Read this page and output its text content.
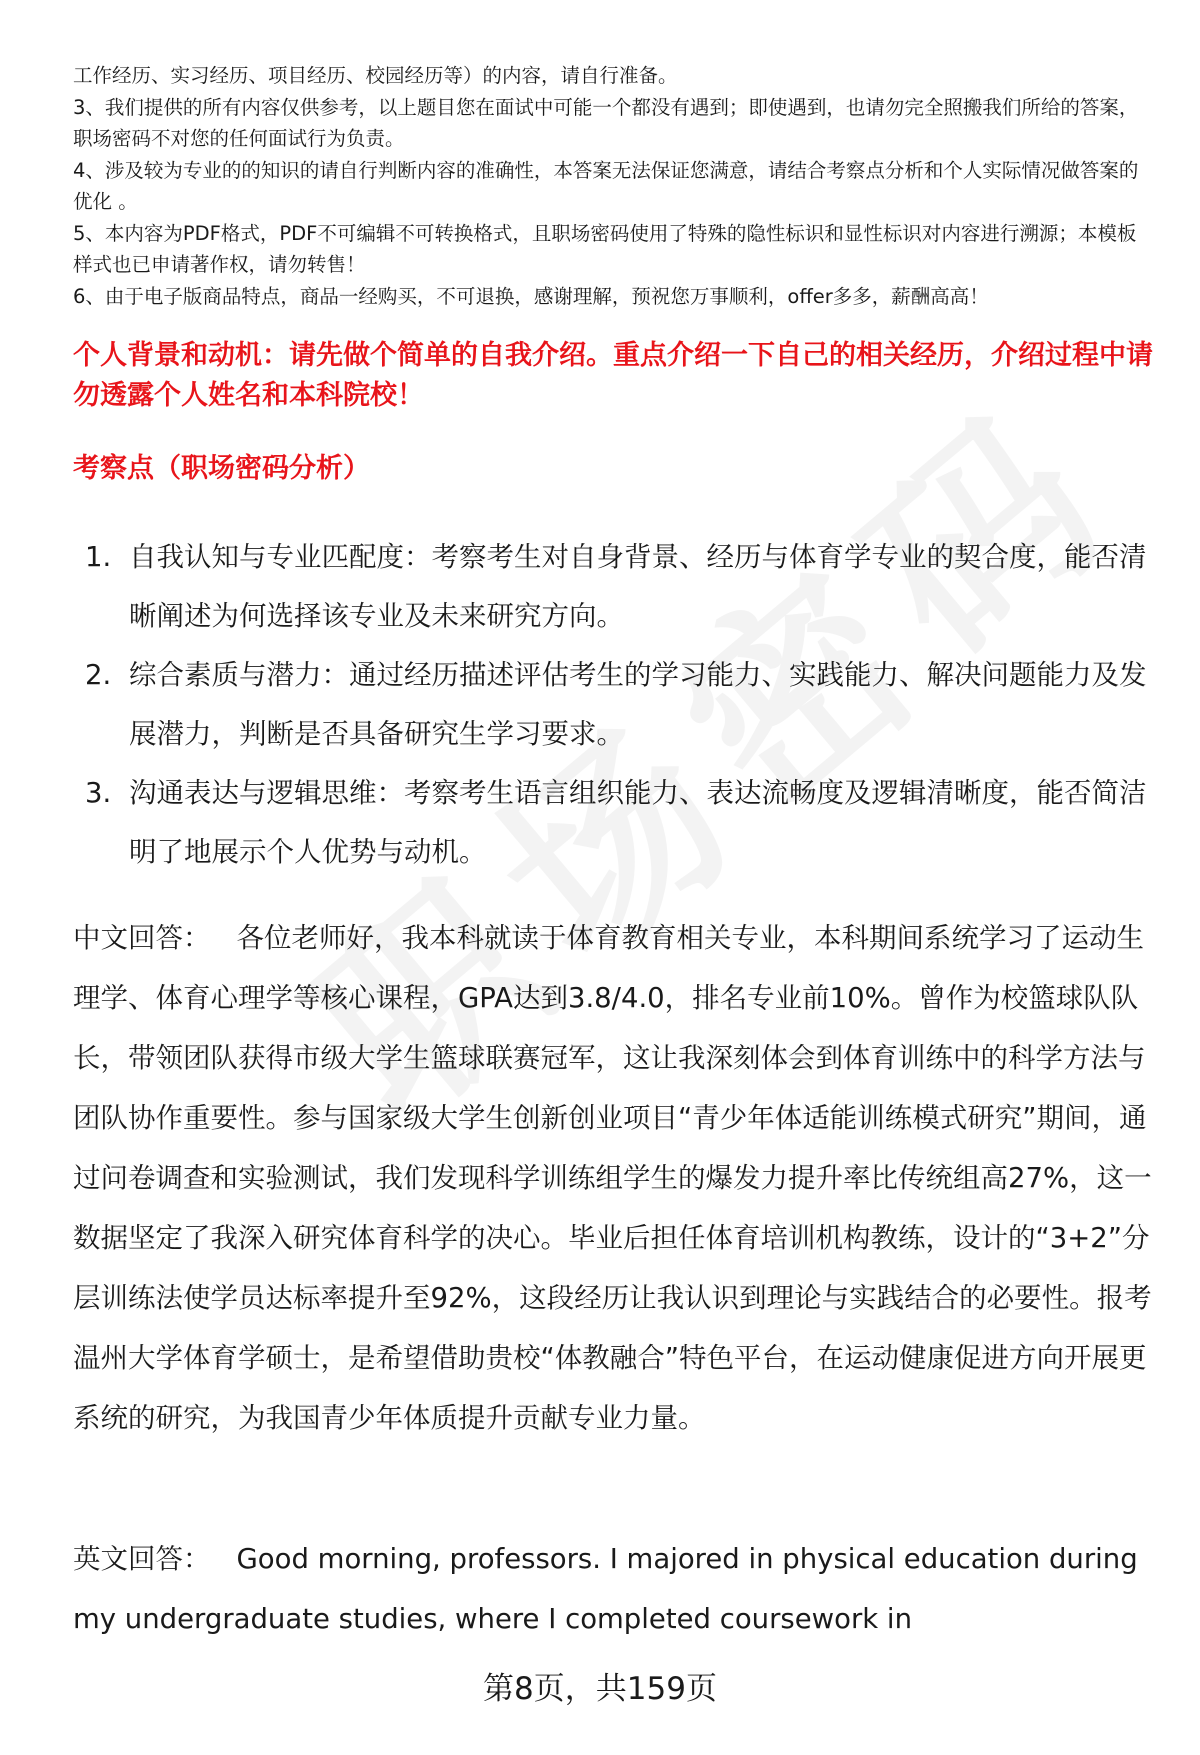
工作经历、实习经历、项目经历、校园经历等）的内容，请自行准备。

3、我们提供的所有内容仅供参考，以上题目您在面试中可能一个都没有遇到；即使遇到，也请勿完全照搬我们所给的答案，职场密码不对您的任何面试行为负责。

4、涉及较为专业的的知识的请自行判断内容的准确性，本答案无法保证您满意，请结合考察点分析和个人实际情况做答案的优化 。

5、本内容为PDF格式，PDF不可编辑不可转换格式，且职场密码使用了特殊的隐性标识和显性标识对内容进行溯源；本模板样式也已申请著作权，请勿转售！

6、由于电子版商品特点，商品一经购买，不可退换，感谢理解，预祝您万事顺利，offer多多，薪酬高高！

个人背景和动机：请先做个简单的自我介绍。重点介绍一下自己的相关经历，介绍过程中请勿透露个人姓名和本科院校！
考察点（职场密码分析）
1. 自我认知与专业匹配度：考察考生对自身背景、经历与体育学专业的契合度，能否清晰阐述为何选择该专业及未来研究方向。
2. 综合素质与潜力：通过经历描述评估考生的学习能力、实践能力、解决问题能力及发展潜力，判断是否具备研究生学习要求。
3. 沟通表达与逻辑思维：考察考生语言组织能力、表达流畅度及逻辑清晰度，能否简洁明了地展示个人优势与动机。

中文回答： 各位老师好，我本科就读于体育教育相关专业，本科期间系统学习了运动生理学、体育心理学等核心课程，GPA达到3.8/4.0，排名专业前10%。曾作为校篮球队队长，带领团队获得市级大学生篮球联赛冠军，这让我深刻体会到体育训练中的科学方法与团队协作重要性。参与国家级大学生创新创业项目“青少年体适能训练模式研究”期间，通过问卷调查和实验测试，我们发现科学训练组学生的爆发力提升率比传统组高27%，这一数据坚定了我深入研究体育科学的决心。毕业后担任体育培训机构教练，设计的“3+2”分层训练法使学员达标率提升至92%，这段经历让我认识到理论与实践结合的必要性。报考温州大学体育学硕士，是希望借助贵校“体教融合”特色平台，在运动健康促进方向开展更系统的研究，为我国青少年体质提升贡献专业力量。

英文回答： Good morning, professors. I majored in physical education during my undergraduate studies, where I completed coursework in

第8页，共159页
